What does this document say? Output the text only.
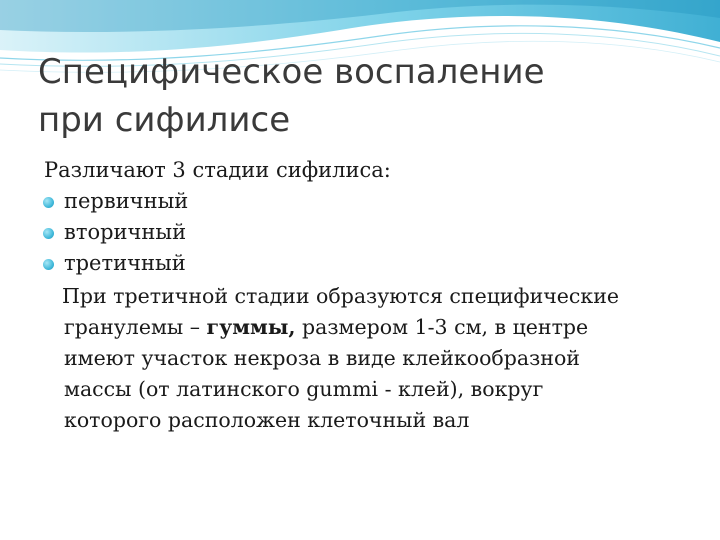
Специфическое воспаление
при сифилисе

Различают 3 стадии сифилиса:

первичный
вторичный
третичный

При третичной стадии образуются специфические
гранулемы – гуммы, размером 1-3 см, в центре
имеют участок некроза в виде клейкообразной
массы (от латинского gummi - клей), вокруг
которого расположен клеточный вал
